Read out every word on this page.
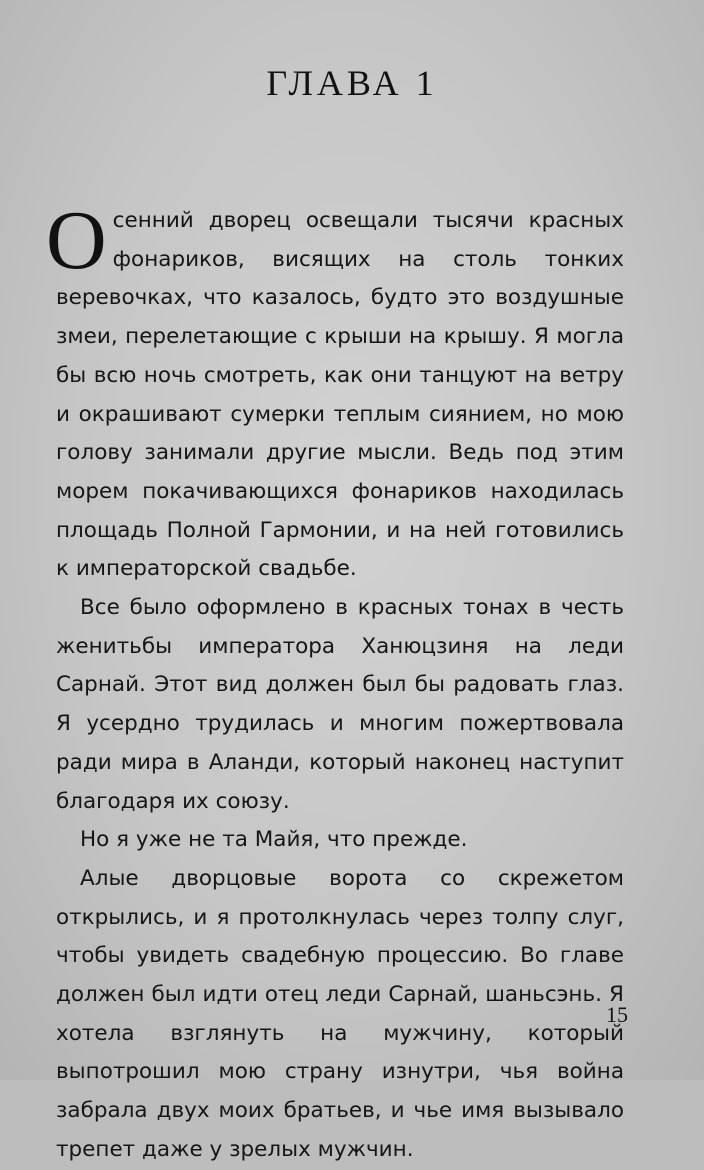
ГЛАВА 1

Осенний дворец освещали тысячи красных фонариков, висящих на столь тонких веревочках, что казалось, будто это воздушные змеи, перелетающие с крыши на крышу. Я могла бы всю ночь смотреть, как они танцуют на ветру и окрашивают сумерки теплым сиянием, но мою голову занимали другие мысли. Ведь под этим морем покачивающихся фонариков находилась площадь Полной Гармонии, и на ней готовились к императорской свадьбе.

Все было оформлено в красных тонах в честь женитьбы императора Ханюцзиня на леди Сарнай. Этот вид должен был бы радовать глаз. Я усердно трудилась и многим пожертвовала ради мира в Аланди, который наконец наступит благодаря их союзу.

Но я уже не та Майя, что прежде.

Алые дворцовые ворота со скрежетом открылись, и я протолкнулась через толпу слуг, чтобы увидеть свадебную процессию. Во главе должен был идти отец леди Сарнай, шаньсэнь. Я хотела взглянуть на мужчину, который выпотрошил мою страну изнутри, чья война забрала двух моих братьев, и чье имя вызывало трепет даже у зрелых мужчин.

15
